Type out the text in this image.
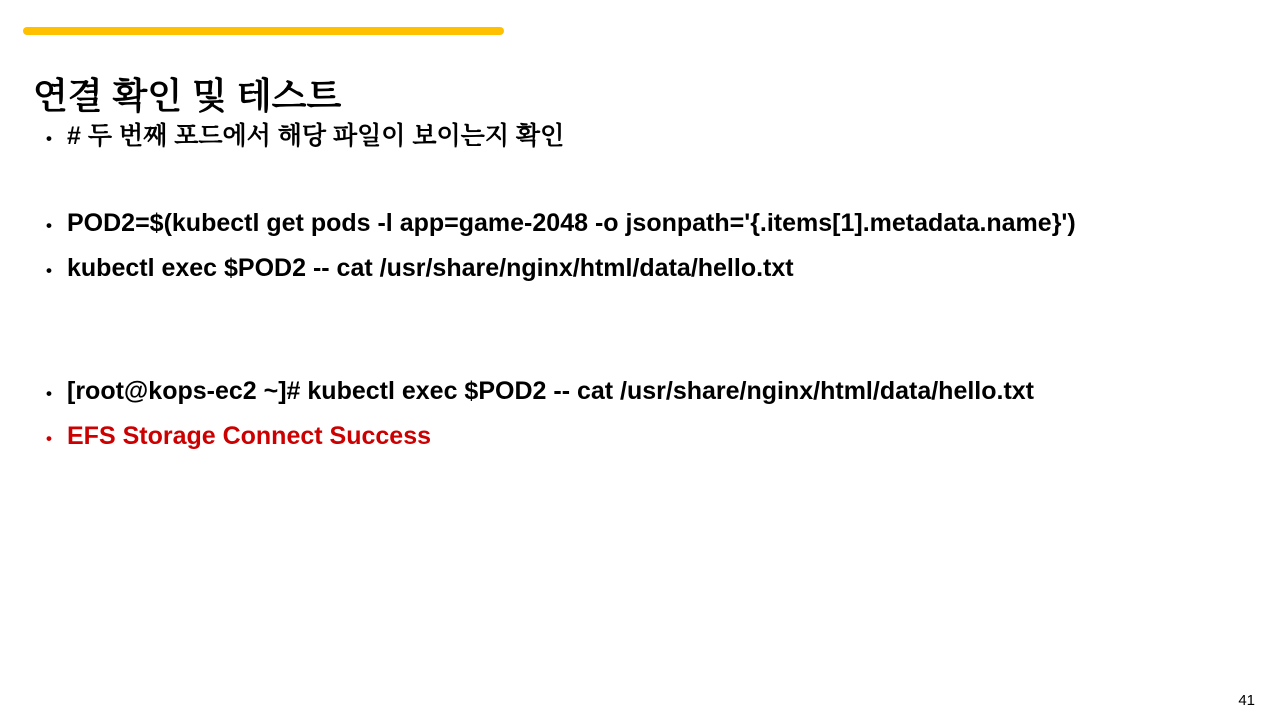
연결 확인 및 테스트
• # 두 번째 포드에서 해당 파일이 보이는지 확인
• POD2=$(kubectl get pods -l app=game-2048 -o jsonpath='{.items[1].metadata.name}')
• kubectl exec $POD2 -- cat /usr/share/nginx/html/data/hello.txt
• [root@kops-ec2 ~]# kubectl exec $POD2 -- cat /usr/share/nginx/html/data/hello.txt
• EFS Storage Connect Success
41
